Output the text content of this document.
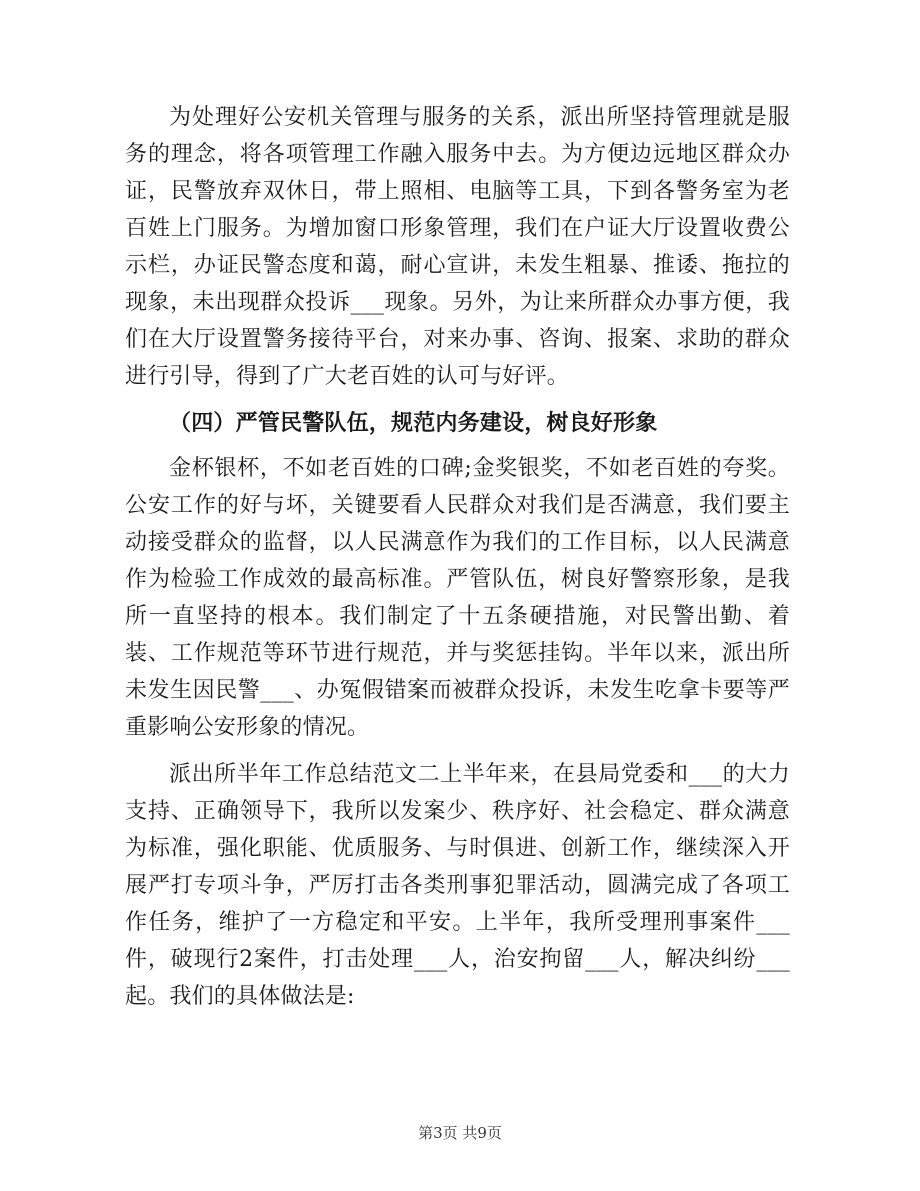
为处理好公安机关管理与服务的关系，派出所坚持管理就是服务的理念，将各项管理工作融入服务中去。为方便边远地区群众办证，民警放弃双休日，带上照相、电脑等工具，下到各警务室为老百姓上门服务。为增加窗口形象管理，我们在户证大厅设置收费公示栏，办证民警态度和蔼，耐心宣讲，未发生粗暴、推诿、拖拉的现象，未出现群众投诉___现象。另外，为让来所群众办事方便，我们在大厅设置警务接待平台，对来办事、咨询、报案、求助的群众进行引导，得到了广大老百姓的认可与好评。

（四）严管民警队伍，规范内务建设，树良好形象

金杯银杯，不如老百姓的口碑;金奖银奖，不如老百姓的夸奖。公安工作的好与坏，关键要看人民群众对我们是否满意，我们要主动接受群众的监督，以人民满意作为我们的工作目标，以人民满意作为检验工作成效的最高标准。严管队伍，树良好警察形象，是我所一直坚持的根本。我们制定了十五条硬措施，对民警出勤、着装、工作规范等环节进行规范，并与奖惩挂钩。半年以来，派出所未发生因民警___、办冤假错案而被群众投诉，未发生吃拿卡要等严重影响公安形象的情况。

派出所半年工作总结范文二上半年来，在县局党委和___的大力支持、正确领导下，我所以发案少、秩序好、社会稳定、群众满意为标准，强化职能、优质服务、与时俱进、创新工作，继续深入开展严打专项斗争，严厉打击各类刑事犯罪活动，圆满完成了各项工作任务，维护了一方稳定和平安。上半年，我所受理刑事案件___件，破现行2案件，打击处理___人，治安拘留___人，解决纠纷___起。我们的具体做法是:

第3页 共9页
